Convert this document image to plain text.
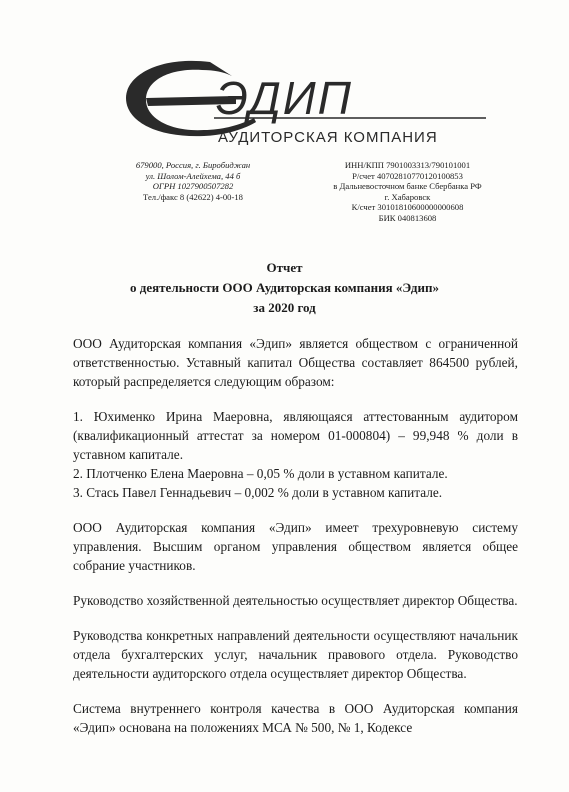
ЭДИП
АУДИТОРСКАЯ КОМПАНИЯ
679000, Россия, г. Биробиджан
ул. Шолом-Алейхема, 44 б
ОГРН 1027900507282
Тел./факс 8 (42622) 4-00-18
ИНН/КПП 7901003313/790101001
Р/счет 40702810770120100853
в Дальневосточном банке Сбербанка РФ
г. Хабаровск
К/счет 30101810600000000608
БИК 040813608
Отчет
о деятельности ООО Аудиторская компания «Эдип»
за 2020 год

ООО Аудиторская компания «Эдип» является обществом с ограниченной ответственностью. Уставный капитал Общества составляет 864500 рублей, который распределяется следующим образом:

1. Юхименко Ирина Маеровна, являющаяся аттестованным аудитором (квалификационный аттестат за номером 01-000804) – 99,948 % доли в уставном капитале.

2. Плотченко Елена Маеровна – 0,05 % доли в уставном капитале.

3. Стась Павел Геннадьевич – 0,002 % доли в уставном капитале.

ООО Аудиторская компания «Эдип» имеет трехуровневую систему управления. Высшим органом управления обществом является общее собрание участников.

Руководство хозяйственной деятельностью осуществляет директор Общества.

Руководства конкретных направлений деятельности осуществляют начальник отдела бухгалтерских услуг, начальник правового отдела. Руководство деятельности аудиторского отдела осуществляет директор Общества.

Система внутреннего контроля качества в ООО Аудиторская компания «Эдип» основана на положениях МСА № 500, № 1, Кодексе
